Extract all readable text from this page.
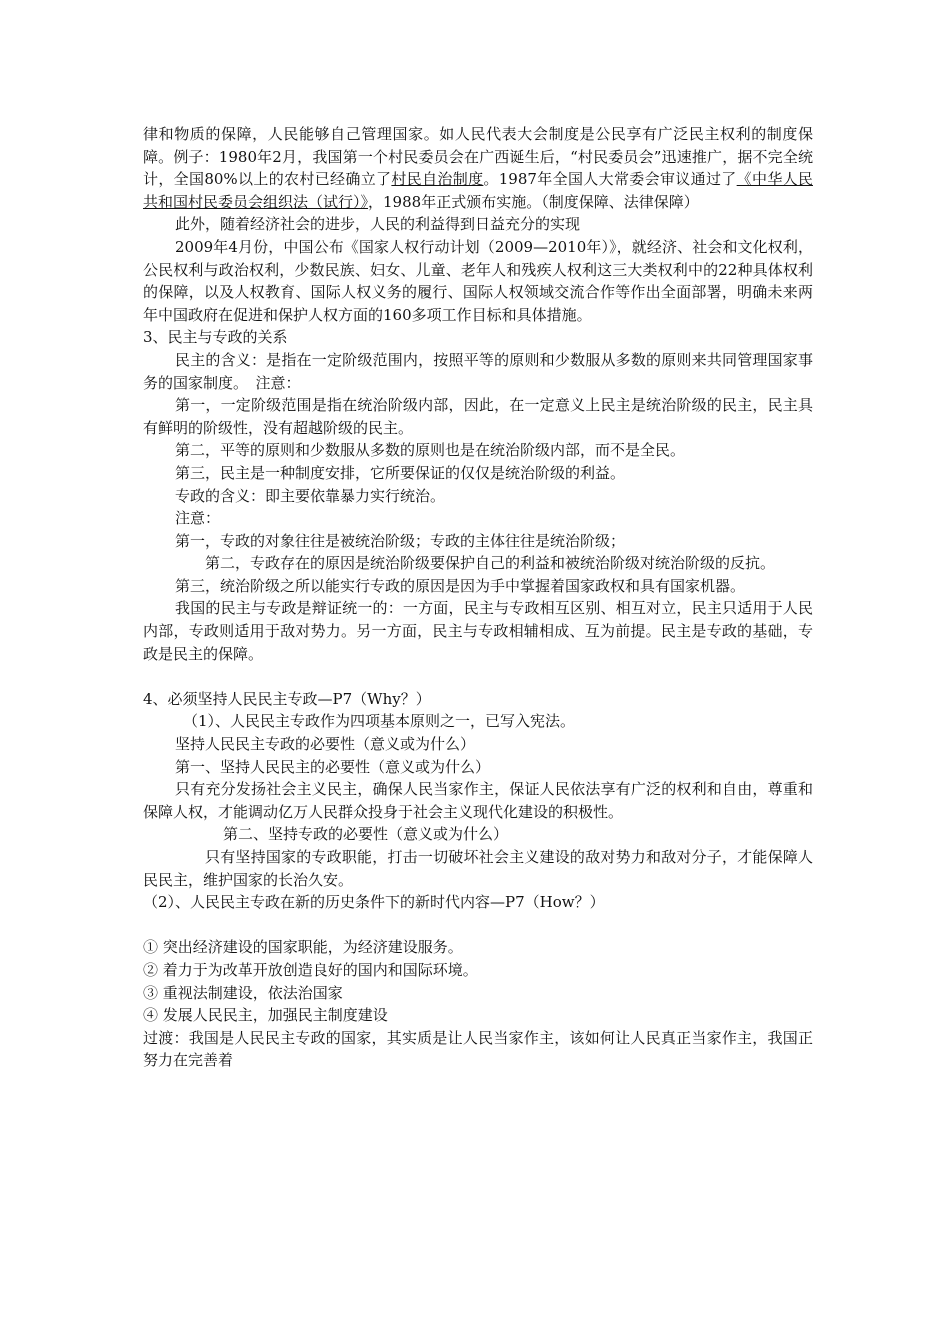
律和物质的保障，人民能够自己管理国家。如人民代表大会制度是公民享有广泛民主权利的制度保障。例子：1980年2月，我国第一个村民委员会在广西诞生后，“村民委员会”迅速推广，据不完全统计，全国80%以上的农村已经确立了村民自治制度。1987年全国人大常委会审议通过了《中华人民共和国村民委员会组织法（试行）》，1988年正式颁布实施。（制度保障、法律保障）

此外，随着经济社会的进步，人民的利益得到日益充分的实现

2009年4月份，中国公布《国家人权行动计划（2009—2010年）》，就经济、社会和文化权利，公民权利与政治权利，少数民族、妇女、儿童、老年人和残疾人权利这三大类权利中的22种具体权利的保障，以及人权教育、国际人权义务的履行、国际人权领域交流合作等作出全面部署，明确未来两年中国政府在促进和保护人权方面的160多项工作目标和具体措施。

3、民主与专政的关系

民主的含义：是指在一定阶级范围内，按照平等的原则和少数服从多数的原则来共同管理国家事务的国家制度。　注意：

第一，一定阶级范围是指在统治阶级内部，因此，在一定意义上民主是统治阶级的民主，民主具有鲜明的阶级性，没有超越阶级的民主。

第二，平等的原则和少数服从多数的原则也是在统治阶级内部，而不是全民。

第三，民主是一种制度安排，它所要保证的仅仅是统治阶级的利益。

专政的含义：即主要依靠暴力实行统治。

注意：

第一，专政的对象往往是被统治阶级；专政的主体往往是统治阶级；

第二，专政存在的原因是统治阶级要保护自己的利益和被统治阶级对统治阶级的反抗。

第三，统治阶级之所以能实行专政的原因是因为手中掌握着国家政权和具有国家机器。

我国的民主与专政是辩证统一的：一方面，民主与专政相互区别、相互对立，民主只适用于人民内部，专政则适用于敌对势力。另一方面，民主与专政相辅相成、互为前提。民主是专政的基础，专政是民主的保障。

4、必须坚持人民民主专政—P7（Why？）

（1）、人民民主专政作为四项基本原则之一，已写入宪法。

坚持人民民主专政的必要性（意义或为什么）

第一、坚持人民民主的必要性（意义或为什么）

只有充分发扬社会主义民主，确保人民当家作主，保证人民依法享有广泛的权利和自由，尊重和保障人权，才能调动亿万人民群众投身于社会主义现代化建设的积极性。

第二、坚持专政的必要性（意义或为什么）

只有坚持国家的专政职能，打击一切破坏社会主义建设的敌对势力和敌对分子，才能保障人民民主，维护国家的长治久安。

（2）、人民民主专政在新的历史条件下的新时代内容—P7（How？）

① 突出经济建设的国家职能，为经济建设服务。

② 着力于为改革开放创造良好的国内和国际环境。

③ 重视法制建设，依法治国家

④ 发展人民民主，加强民主制度建设

过渡：我国是人民民主专政的国家，其实质是让人民当家作主，该如何让人民真正当家作主，我国正努力在完善着
